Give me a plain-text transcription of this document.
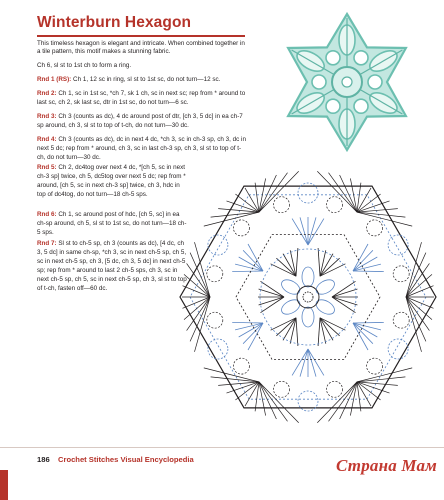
Winterburn Hexagon
This timeless hexagon is elegant and intricate. When combined together in a tile pattern, this motif makes a stunning fabric.
Ch 6, sl st to 1st ch to form a ring.
Rnd 1 (RS): Ch 1, 12 sc in ring, sl st to 1st sc, do not turn—12 sc.
Rnd 2: Ch 1, sc in 1st sc, *ch 7, sk 1 ch, sc in next sc; rep from * around to last sc, ch 2, sk last sc, dtr in 1st sc, do not turn—6 sc.
Rnd 3: Ch 3 (counts as dc), 4 dc around post of dtr, [ch 3, 5 dc] in ea ch-7 sp around, ch 3, sl st to top of t-ch, do not turn—30 dc.
Rnd 4: Ch 3 (counts as dc), dc in next 4 dc, *ch 3, sc in ch-3 sp, ch 3, dc in next 5 dc; rep from * around, ch 3, sc in last ch-3 sp, ch 3, sl st to top of t-ch, do not turn—30 dc.
Rnd 5: Ch 2, dc4tog over next 4 dc, *[ch 5, sc in next ch-3 sp] twice, ch 5, dc5tog over next 5 dc; rep from * around, [ch 5, sc in next ch-3 sp] twice, ch 3, hdc in top of dc4tog, do not turn—18 ch-5 sps.
Rnd 6: Ch 1, sc around post of hdc, [ch 5, sc] in ea ch-sp around, ch 5, sl st to 1st sc, do not turn—18 ch-5 sps.
Rnd 7: Sl st to ch-5 sp, ch 3 (counts as dc), [4 dc, ch 3, 5 dc] in same ch-sp, *ch 3, sc in next ch-5 sp, ch 5, sc in next ch-5 sp, ch 3, [5 dc, ch 3, 5 dc] in next ch-5 sp; rep from * around to last 2 ch-5 sps, ch 3, sc in next ch-5 sp, ch 5, sc in next ch-5 sp, ch 3, sl st to top of t-ch, fasten off—60 dc.
186 Crochet Stitches Visual Encyclopedia	Страна Мам
